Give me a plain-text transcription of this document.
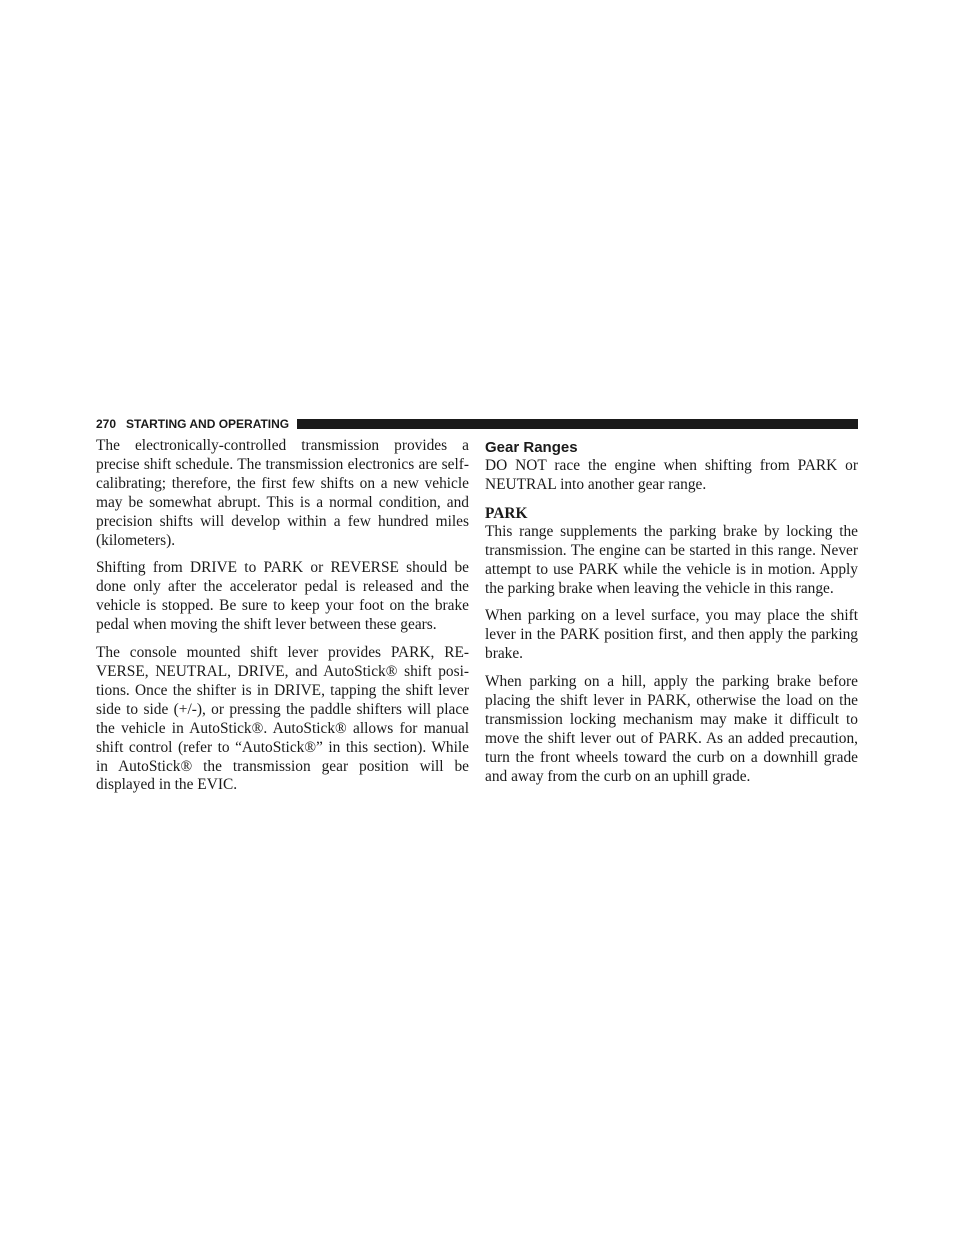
270 STARTING AND OPERATING

The electronically-controlled transmission provides a precise shift schedule. The transmission electronics are self-calibrating; therefore, the first few shifts on a new vehicle may be somewhat abrupt. This is a normal condition, and precision shifts will develop within a few hundred miles (kilometers).

Shifting from DRIVE to PARK or REVERSE should be done only after the accelerator pedal is released and the vehicle is stopped. Be sure to keep your foot on the brake pedal when moving the shift lever between these gears.

The console mounted shift lever provides PARK, REVERSE, NEUTRAL, DRIVE, and AutoStick® shift positions. Once the shifter is in DRIVE, tapping the shift lever side to side (+/-), or pressing the paddle shifters will place the vehicle in AutoStick®. AutoStick® allows for manual shift control (refer to “AutoStick®” in this section). While in AutoStick® the transmission gear position will be displayed in the EVIC.

Gear Ranges

DO NOT race the engine when shifting from PARK or NEUTRAL into another gear range.

PARK

This range supplements the parking brake by locking the transmission. The engine can be started in this range. Never attempt to use PARK while the vehicle is in motion. Apply the parking brake when leaving the vehicle in this range.

When parking on a level surface, you may place the shift lever in the PARK position first, and then apply the parking brake.

When parking on a hill, apply the parking brake before placing the shift lever in PARK, otherwise the load on the transmission locking mechanism may make it difficult to move the shift lever out of PARK. As an added precaution, turn the front wheels toward the curb on a downhill grade and away from the curb on an uphill grade.
